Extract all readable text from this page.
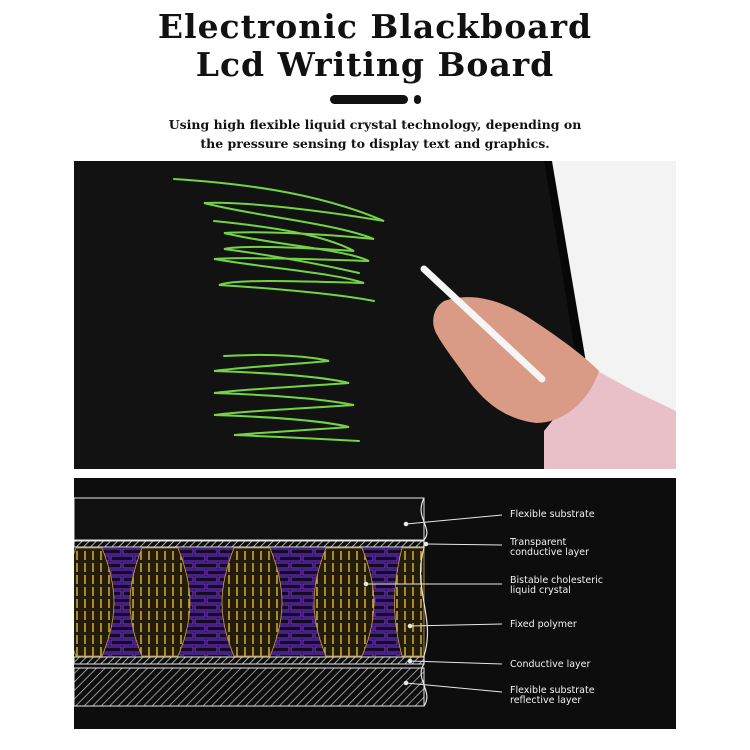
Electronic Blackboard
Lcd Writing Board

Using high flexible liquid crystal technology, depending on
the pressure sensing to display text and graphics.

Flexible substrate

Transparent
conductive layer

Bistable cholesteric
liquid crystal

Fixed polymer

Conductive layer

Flexible substrate
reflective layer
